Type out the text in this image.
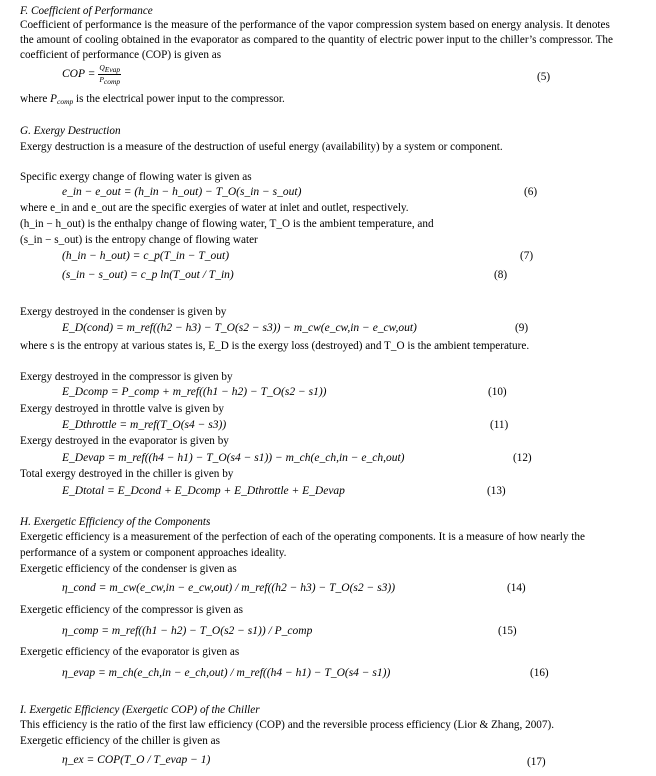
F. Coefficient of Performance
Coefficient of performance is the measure of the performance of the vapor compression system based on energy analysis. It denotes
the amount of cooling obtained in the evaporator as compared to the quantity of electric power input to the chiller’s compressor. The
coefficient of performance (COP) is given as
COP = $\frac{\text{QEvap}}{\text{Pcomp}}$	(5)
where $P_{comp}$ is the electrical power input to the compressor.
G. Exergy Destruction
Exergy destruction is a measure of the destruction of useful energy (availability) by a system or component.
Specific exergy change of flowing water is given as
e_in − e_out = (h_in − h_out) − T_O(s_in − s_out)	(6)
where e_in and e_out are the specific exergies of water at inlet and outlet, respectively.
(h_in − h_out) is the enthalpy change of flowing water, T_O is the ambient temperature, and
(s_in − s_out) is the entropy change of flowing water
(h_in − h_out) = c_p(T_in − T_out)	(7)
(s_in − s_out) = c_p ln(T_out / T_in)	(8)
Exergy destroyed in the condenser is given by
E_D(cond) = m_ref((h2 − h3) − T_O(s2 − s3)) − m_cw(e_cw,in − e_cw,out)	(9)
where s is the entropy at various states is, E_D is the exergy loss (destroyed) and T_O is the ambient temperature.
Exergy destroyed in the compressor is given by
E_Dcomp = P_comp + m_ref((h1 − h2) − T_O(s2 − s1))	(10)
Exergy destroyed in throttle valve is given by
E_Dthrottle = m_ref(T_O(s4 − s3))	(11)
Exergy destroyed in the evaporator is given by
E_Devap = m_ref((h4 − h1) − T_O(s4 − s1)) − m_ch(e_ch,in − e_ch,out)	(12)
Total exergy destroyed in the chiller is given by
E_Dtotal = E_Dcond + E_Dcomp + E_Dthrottle + E_Devap	(13)
H. Exergetic Efficiency of the Components
Exergetic efficiency is a measurement of the perfection of each of the operating components. It is a measure of how nearly the
performance of a system or component approaches ideality.
Exergetic efficiency of the condenser is given as
η_cond = m_cw(e_cw,in − e_cw,out) / m_ref((h2 − h3) − T_O(s2 − s3))	(14)
Exergetic efficiency of the compressor is given as
η_comp = m_ref((h1 − h2) − T_O(s2 − s1)) / P_comp	(15)
Exergetic efficiency of the evaporator is given as
η_evap = m_ch(e_ch,in − e_ch,out) / m_ref((h4 − h1) − T_O(s4 − s1))	(16)
I. Exergetic Efficiency (Exergetic COP) of the Chiller
This efficiency is the ratio of the first law efficiency (COP) and the reversible process efficiency (Lior & Zhang, 2007).
Exergetic efficiency of the chiller is given as
η_ex = COP(T_O / T_evap − 1)	(17)
